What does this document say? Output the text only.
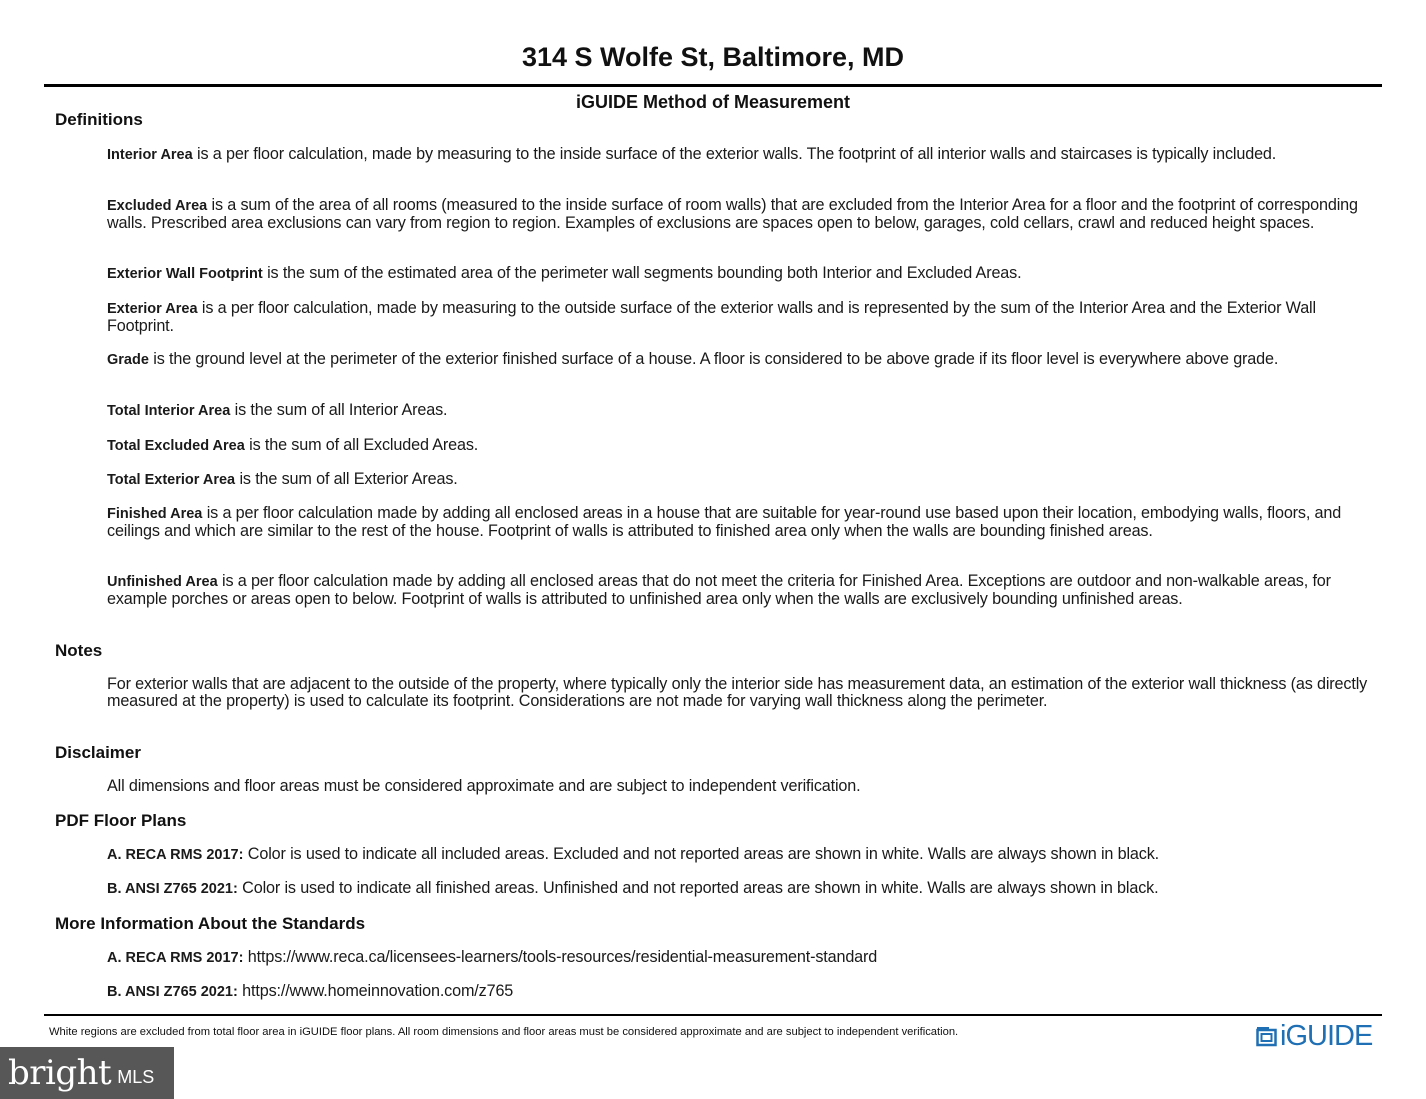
314 S Wolfe St, Baltimore, MD
iGUIDE Method of Measurement
Definitions
Interior Area is a per floor calculation, made by measuring to the inside surface of the exterior walls. The footprint of all interior walls and staircases is typically included.
Excluded Area is a sum of the area of all rooms (measured to the inside surface of room walls) that are excluded from the Interior Area for a floor and the footprint of corresponding walls. Prescribed area exclusions can vary from region to region. Examples of exclusions are spaces open to below, garages, cold cellars, crawl and reduced height spaces.
Exterior Wall Footprint is the sum of the estimated area of the perimeter wall segments bounding both Interior and Excluded Areas.
Exterior Area is a per floor calculation, made by measuring to the outside surface of the exterior walls and is represented by the sum of the Interior Area and the Exterior Wall Footprint.
Grade is the ground level at the perimeter of the exterior finished surface of a house. A floor is considered to be above grade if its floor level is everywhere above grade.
Total Interior Area is the sum of all Interior Areas.
Total Excluded Area is the sum of all Excluded Areas.
Total Exterior Area is the sum of all Exterior Areas.
Finished Area is a per floor calculation made by adding all enclosed areas in a house that are suitable for year-round use based upon their location, embodying walls, floors, and ceilings and which are similar to the rest of the house. Footprint of walls is attributed to finished area only when the walls are bounding finished areas.
Unfinished Area is a per floor calculation made by adding all enclosed areas that do not meet the criteria for Finished Area. Exceptions are outdoor and non-walkable areas, for example porches or areas open to below. Footprint of walls is attributed to unfinished area only when the walls are exclusively bounding unfinished areas.
Notes
For exterior walls that are adjacent to the outside of the property, where typically only the interior side has measurement data, an estimation of the exterior wall thickness (as directly measured at the property) is used to calculate its footprint. Considerations are not made for varying wall thickness along the perimeter.
Disclaimer
All dimensions and floor areas must be considered approximate and are subject to independent verification.
PDF Floor Plans
A. RECA RMS 2017: Color is used to indicate all included areas. Excluded and not reported areas are shown in white. Walls are always shown in black.
B. ANSI Z765 2021: Color is used to indicate all finished areas. Unfinished and not reported areas are shown in white. Walls are always shown in black.
More Information About the Standards
A. RECA RMS 2017: https://www.reca.ca/licensees-learners/tools-resources/residential-measurement-standard
B. ANSI Z765 2021: https://www.homeinnovation.com/z765
White regions are excluded from total floor area in iGUIDE floor plans. All room dimensions and floor areas must be considered approximate and are subject to independent verification.	iGUIDE
bright MLS
